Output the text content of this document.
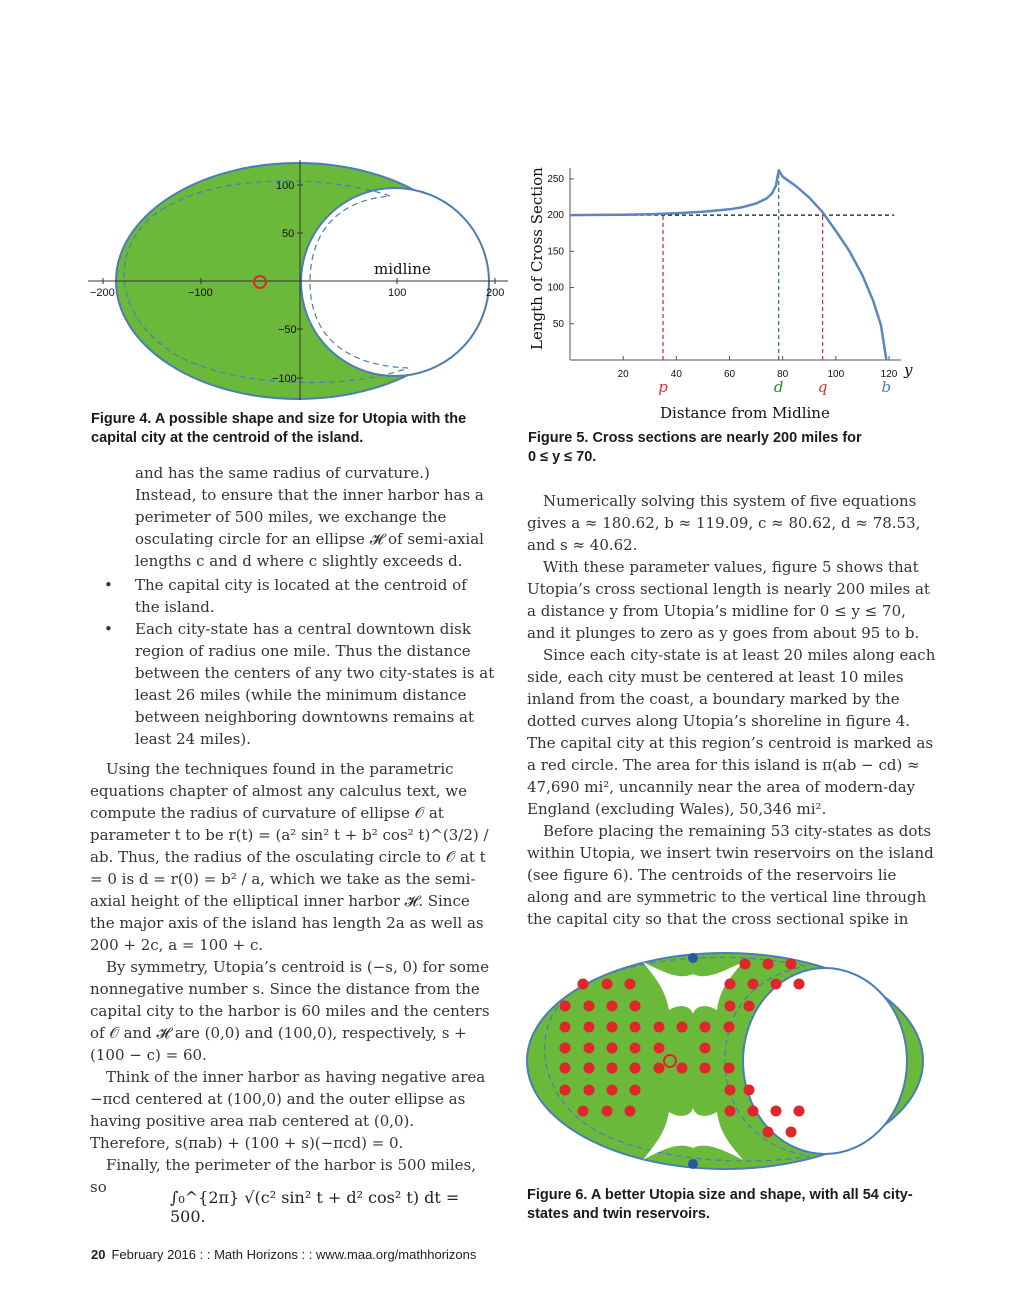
−200	−100	100	200
100
50
−50
−100
midline
Figure 4. A possible shape and size for Utopia with the capital city at the centroid of the island.
Length of Cross Section
20	40	60	80	100	120
50
100
150
200
250
y
p	d q	b
Distance from Midline
Figure 5. Cross sections are nearly 200 miles for
0 ≤ y ≤ 70.

and has the same radius of curvature.) Instead, to ensure that the inner harbor has a perimeter of 500 miles, we exchange the osculating circle for an ellipse 𝓗 of semi-axial lengths c and d where c slightly exceeds d.

• The capital city is located at the centroid of the island.
• Each city-state has a central downtown disk region of radius one mile. Thus the distance between the centers of any two city-states is at least 26 miles (while the minimum distance between neighboring downtowns remains at least 24 miles).

Using the techniques found in the parametric equations chapter of almost any calculus text, we compute the radius of curvature of ellipse 𝒪 at parameter t to be r(t) = (a² sin² t + b² cos² t)^(3/2) / ab. Thus, the radius of the osculating circle to 𝒪 at t = 0 is d = r(0) = b² / a, which we take as the semi-axial height of the elliptical inner harbor 𝓗. Since the major axis of the island has length 2a as well as 200 + 2c, a = 100 + c.

By symmetry, Utopia’s centroid is (−s, 0) for some nonnegative number s. Since the distance from the capital city to the harbor is 60 miles and the centers of 𝒪 and 𝓗 are (0,0) and (100,0), respectively, s + (100 − c) = 60.

Think of the inner harbor as having negative area −πcd centered at (100,0) and the outer ellipse as having positive area πab centered at (0,0). Therefore, s(πab) + (100 + s)(−πcd) = 0.

Finally, the perimeter of the harbor is 500 miles, so

∫₀^{2π} √(c² sin² t + d² cos² t) dt = 500.

Numerically solving this system of five equations gives a ≈ 180.62, b ≈ 119.09, c ≈ 80.62, d ≈ 78.53, and s ≈ 40.62.

With these parameter values, figure 5 shows that Utopia’s cross sectional length is nearly 200 miles at a distance y from Utopia’s midline for 0 ≤ y ≤ 70, and it plunges to zero as y goes from about 95 to b.

Since each city-state is at least 20 miles along each side, each city must be centered at least 10 miles inland from the coast, a boundary marked by the dotted curves along Utopia’s shoreline in figure 4. The capital city at this region’s centroid is marked as a red circle. The area for this island is π(ab − cd) ≈ 47,690 mi², uncannily near the area of modern-day England (excluding Wales), 50,346 mi².

Before placing the remaining 53 city-states as dots within Utopia, we insert twin reservoirs on the island (see figure 6). The centroids of the reservoirs lie along and are symmetric to the vertical line through the capital city so that the cross sectional spike in

Figure 6. A better Utopia size and shape, with all 54 city-states and twin reservoirs.
20 February 2016 : : Math Horizons : : www.maa.org/mathhorizons
